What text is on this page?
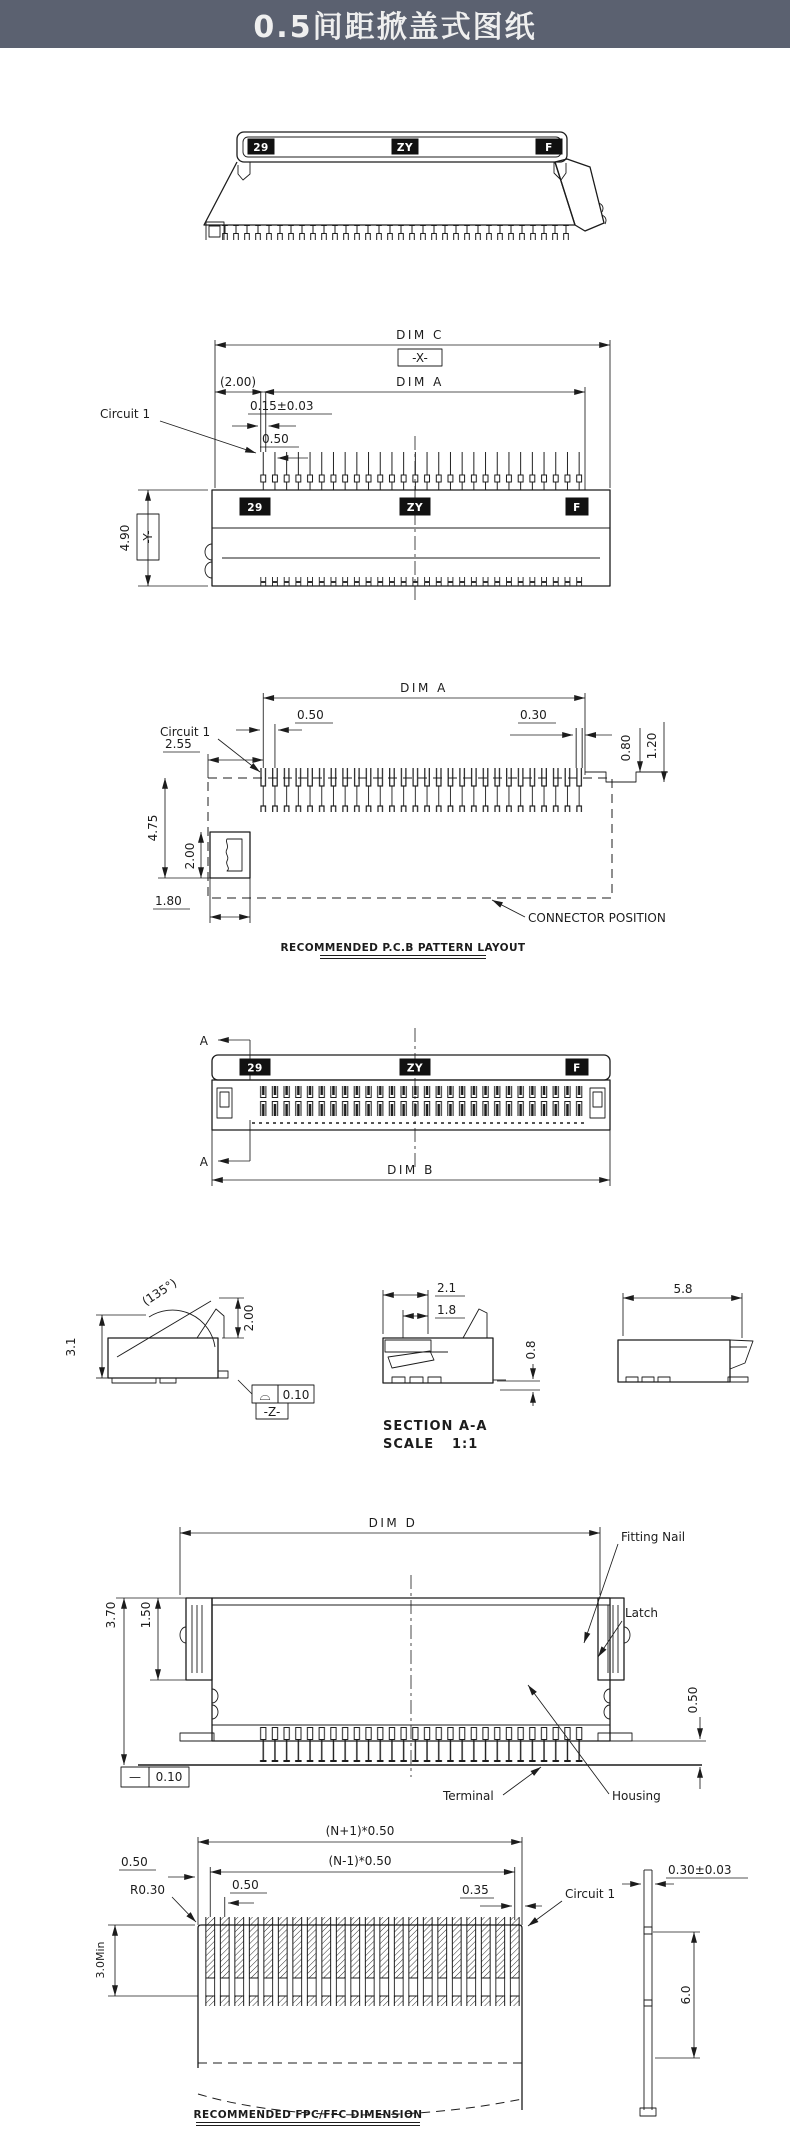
0.5间距掀盖式图纸
29	ZY	F
DIM C
-X-
(2.00)	DIM A
Circuit 1
0.15±0.03
0.50
4.90 -Y-
29	ZY	F
DIM A
0.50
Circuit 1
2.55
0.30
0.80 1.20
4.75
2.00
1.80
CONNECTOR POSITION
RECOMMENDED P.C.B PATTERN LAYOUT
A
A
DIM B
29	ZY	F
(135°)
2.00
3.1
⌓ 0.10
-Z-
2.1
1.8
0.8
SECTION A-A
SCALE 1:1
5.8
DIM D
Fitting Nail
Latch
3.70 1.50
0.50
— 0.10
Terminal	Housing
(N+1)*0.50
(N-1)*0.50
0.50
R0.30	0.50	0.35	Circuit 1
3.0Min
0.30±0.03
6.0
RECOMMENDED FPC/FFC DIMENSION
